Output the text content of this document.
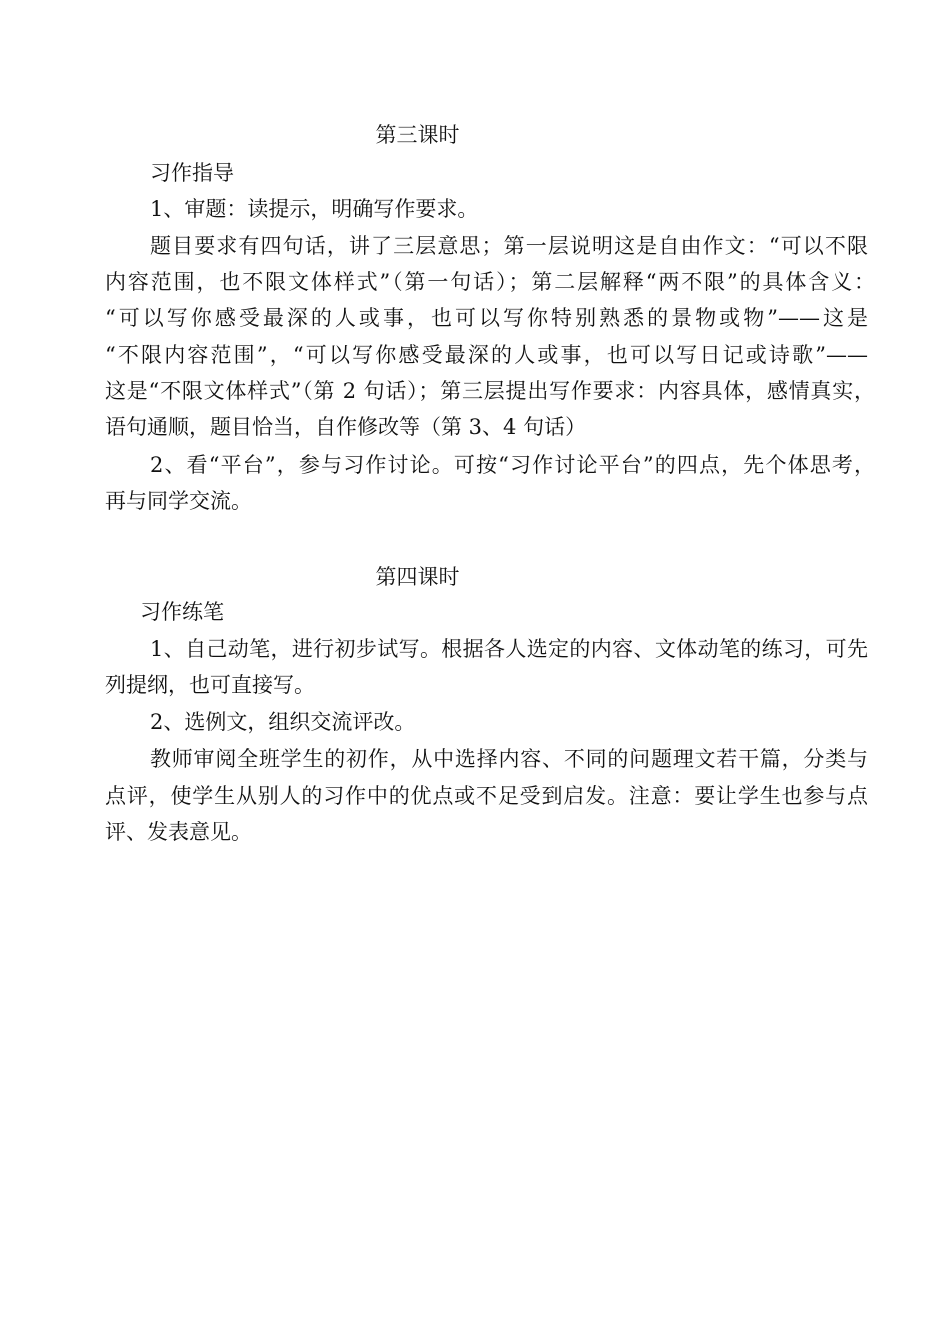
第三课时
习作指导
1、审题：读提示，明确写作要求。
题目要求有四句话，讲了三层意思；第一层说明这是自由作文：“可以不限
内容范围，也不限文体样式”（第一句话）；第二层解释“两不限”的具体含义：
“可以写你感受最深的人或事，也可以写你特别熟悉的景物或物”——这是
“不限内容范围”，“可以写你感受最深的人或事，也可以写日记或诗歌”——
这是“不限文体样式”（第 2 句话）；第三层提出写作要求：内容具体，感情真实，
语句通顺，题目恰当，自作修改等（第 3、4 句话）
2、看“平台”，参与习作讨论。可按“习作讨论平台”的四点，先个体思考，
再与同学交流。
第四课时
习作练笔
1、自己动笔，进行初步试写。根据各人选定的内容、文体动笔的练习，可先
列提纲，也可直接写。
2、选例文，组织交流评改。
教师审阅全班学生的初作，从中选择内容、不同的问题理文若干篇，分类与
点评，使学生从别人的习作中的优点或不足受到启发。注意：要让学生也参与点
评、发表意见。
